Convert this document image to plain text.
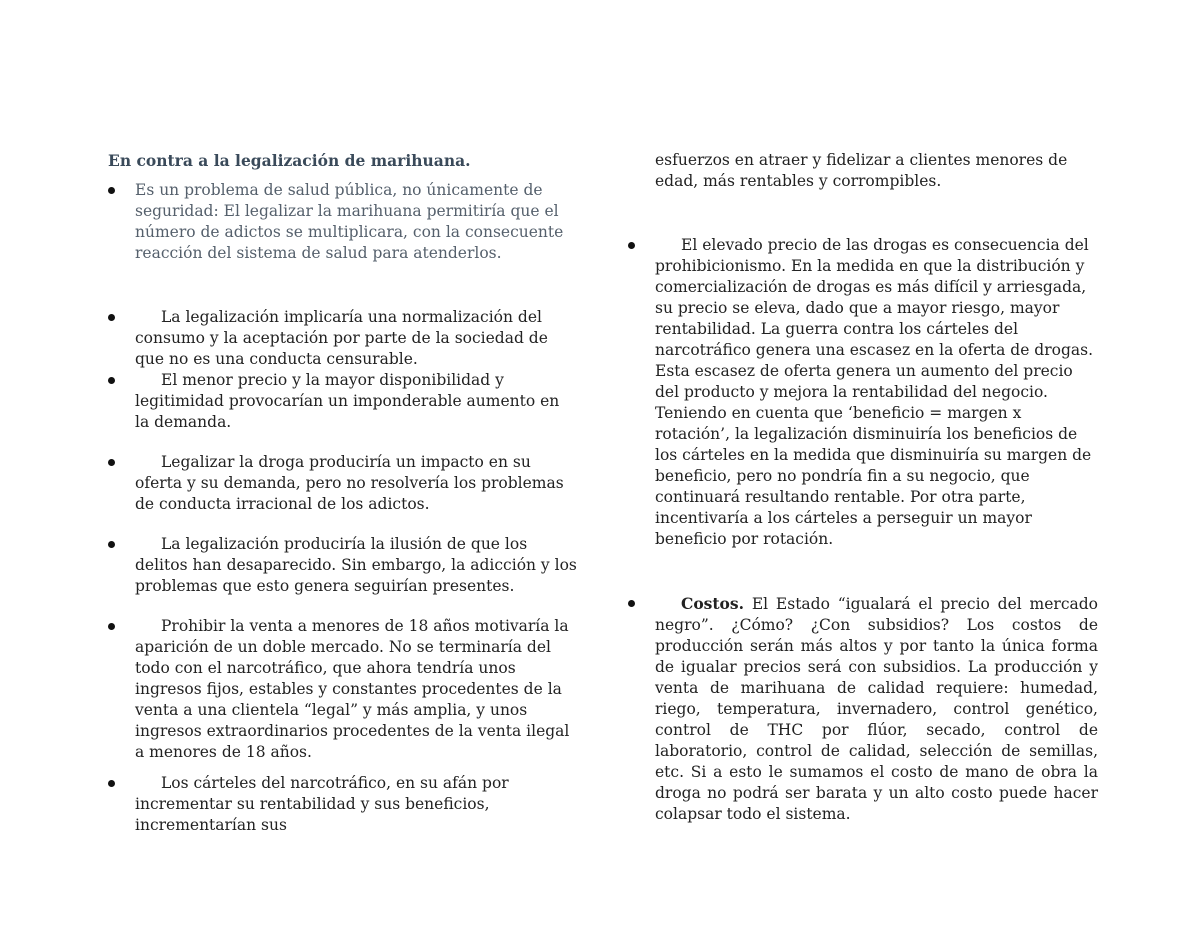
En contra a la legalización de marihuana.
Es un problema de salud pública, no únicamente de seguridad: El legalizar la marihuana permitiría que el número de adictos se multiplicara, con la consecuente reacción del sistema de salud para atenderlos.
La legalización implicaría una normalización del consumo y la aceptación por parte de la sociedad de que no es una conducta censurable.
El menor precio y la mayor disponibilidad y legitimidad provocarían un imponderable aumento en la demanda.
Legalizar la droga produciría un impacto en su oferta y su demanda, pero no resolvería los problemas de conducta irracional de los adictos.
La legalización produciría la ilusión de que los delitos han desaparecido. Sin embargo, la adicción y los problemas que esto genera seguirían presentes.
Prohibir la venta a menores de 18 años motivaría la aparición de un doble mercado. No se terminaría del todo con el narcotráfico, que ahora tendría unos ingresos fijos, estables y constantes procedentes de la venta a una clientela “legal” y más amplia, y unos ingresos extraordinarios procedentes de la venta ilegal a menores de 18 años.
Los cárteles del narcotráfico, en su afán por incrementar su rentabilidad y sus beneficios, incrementarían sus
esfuerzos en atraer y fidelizar a clientes menores de edad, más rentables y corrompibles.
El elevado precio de las drogas es consecuencia del prohibicionismo. En la medida en que la distribución y comercialización de drogas es más difícil y arriesgada, su precio se eleva, dado que a mayor riesgo, mayor rentabilidad. La guerra contra los cárteles del narcotráfico genera una escasez en la oferta de drogas. Esta escasez de oferta genera un aumento del precio del producto y mejora la rentabilidad del negocio. Teniendo en cuenta que ‘beneficio = margen x rotación’, la legalización disminuiría los beneficios de los cárteles en la medida que disminuiría su margen de beneficio, pero no pondría fin a su negocio, que continuará resultando rentable. Por otra parte, incentivaría a los cárteles a perseguir un mayor beneficio por rotación.
Costos. El Estado “igualará el precio del mercado negro”. ¿Cómo? ¿Con subsidios? Los costos de producción serán más altos y por tanto la única forma de igualar precios será con subsidios. La producción y venta de marihuana de calidad requiere: humedad, riego, temperatura, invernadero, control genético, control de THC por flúor, secado, control de laboratorio, control de calidad, selección de semillas, etc. Si a esto le sumamos el costo de mano de obra la droga no podrá ser barata y un alto costo puede hacer colapsar todo el sistema.
